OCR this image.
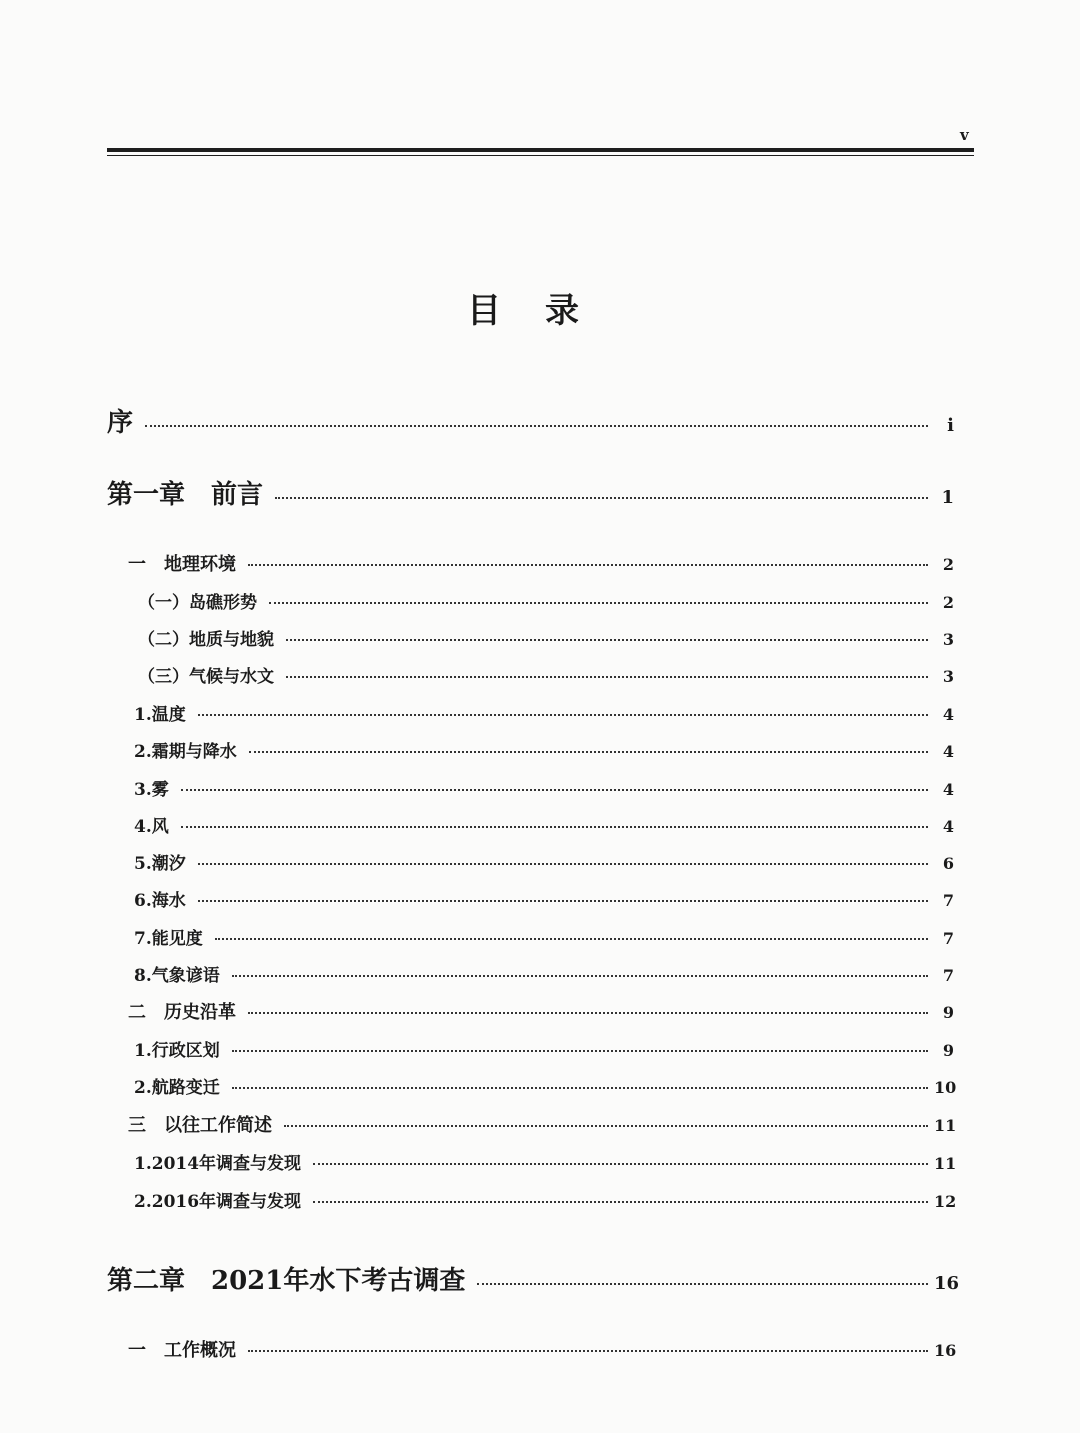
v
目录
序	i
第一章　前言	1
一　地理环境	2
（一）岛礁形势	2
（二）地质与地貌	3
（三）气候与水文	3
1.温度	4
2.霜期与降水	4
3.雾	4
4.风	4
5.潮汐	6
6.海水	7
7.能见度	7
8.气象谚语	7
二　历史沿革	9
1.行政区划	9
2.航路变迁	10
三　以往工作简述	11
1.2014年调查与发现	11
2.2016年调查与发现	12
第二章　2021年水下考古调查	16
一　工作概况	16
